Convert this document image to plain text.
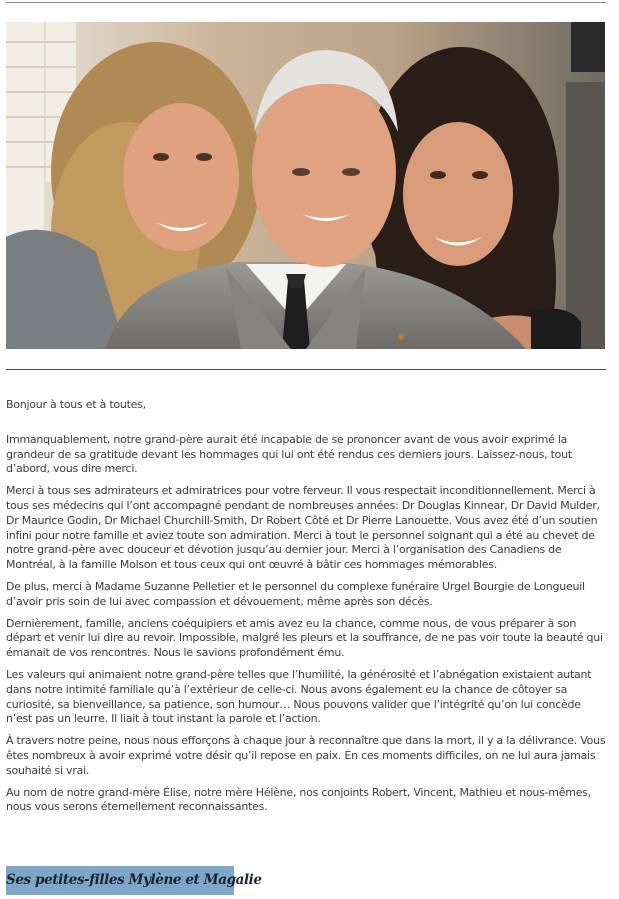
Bonjour à tous et à toutes,

Immanquablement, notre grand-père aurait été incapable de se prononcer avant de vous avoir exprimé la grandeur de sa gratitude devant les hommages qui lui ont été rendus ces derniers jours. Laissez-nous, tout d’abord, vous dire merci.

Merci à tous ses admirateurs et admiratrices pour votre ferveur. Il vous respectait inconditionnellement. Merci à tous ses médecins qui l’ont accompagné pendant de nombreuses années: Dr Douglas Kinnear, Dr David Mulder, Dr Maurice Godin, Dr Michael Churchill-Smith, Dr Robert Côté et Dr Pierre Lanouette. Vous avez été d’un soutien infini pour notre famille et aviez toute son admiration. Merci à tout le personnel soignant qui a été au chevet de notre grand-père avec douceur et dévotion jusqu’au dernier jour. Merci à l’organisation des Canadiens de Montréal, à la famille Molson et tous ceux qui ont œuvré à bâtir ces hommages mémorables.

De plus, merci à Madame Suzanne Pelletier et le personnel du complexe funéraire Urgel Bourgie de Longueuil d’avoir pris soin de lui avec compassion et dévouement, même après son décès.

Dernièrement, famille, anciens coéquipiers et amis avez eu la chance, comme nous, de vous préparer à son départ et venir lui dire au revoir. Impossible, malgré les pleurs et la souffrance, de ne pas voir toute la beauté qui émanait de vos rencontres. Nous le savions profondément ému.

Les valeurs qui animaient notre grand-père telles que l’humilité, la générosité et l’abnégation existaient autant dans notre intimité familiale qu’à l’extérieur de celle-ci. Nous avons également eu la chance de côtoyer sa curiosité, sa bienveillance, sa patience, son humour… Nous pouvons valider que l’intégrité qu’on lui concède n’est pas un leurre. Il liait à tout instant la parole et l’action.

À travers notre peine, nous nous efforçons à chaque jour à reconnaître que dans la mort, il y a la délivrance. Vous êtes nombreux à avoir exprimé votre désir qu’il repose en paix. En ces moments difficiles, on ne lui aura jamais souhaité si vrai.

Au nom de notre grand-mère Élise, notre mère Hélène, nos conjoints Robert, Vincent, Mathieu et nous-mêmes, nous vous serons éternellement reconnaissantes.

Ses petites-filles Mylène et Magalie
